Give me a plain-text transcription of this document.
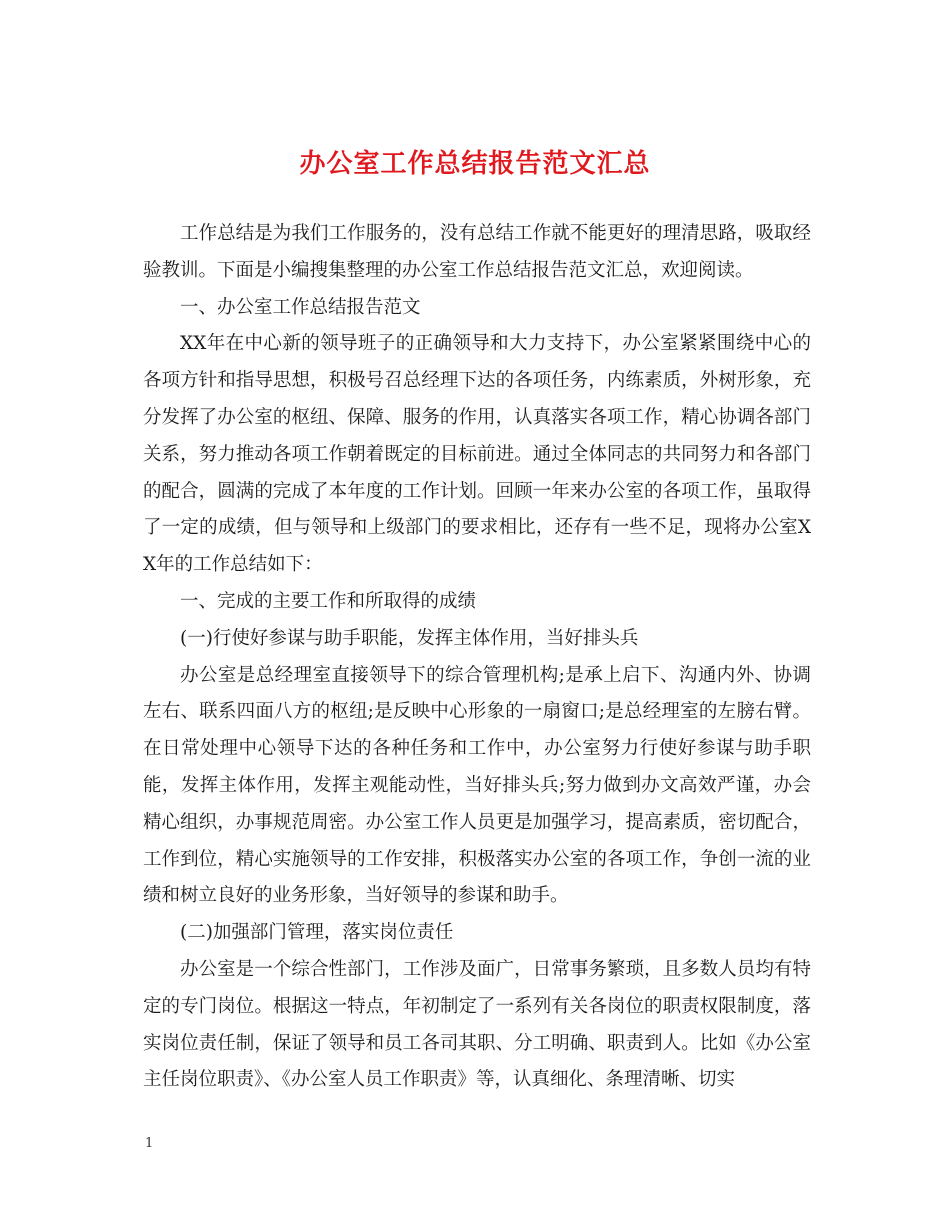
办公室工作总结报告范文汇总

工作总结是为我们工作服务的，没有总结工作就不能更好的理清思路，吸取经验教训。下面是小编搜集整理的办公室工作总结报告范文汇总，欢迎阅读。

一、办公室工作总结报告范文

XX年在中心新的领导班子的正确领导和大力支持下，办公室紧紧围绕中心的各项方针和指导思想，积极号召总经理下达的各项任务，内练素质，外树形象，充分发挥了办公室的枢纽、保障、服务的作用，认真落实各项工作，精心协调各部门关系，努力推动各项工作朝着既定的目标前进。通过全体同志的共同努力和各部门的配合，圆满的完成了本年度的工作计划。回顾一年来办公室的各项工作，虽取得了一定的成绩，但与领导和上级部门的要求相比，还存有一些不足，现将办公室XX年的工作总结如下：

一、完成的主要工作和所取得的成绩

(一)行使好参谋与助手职能，发挥主体作用，当好排头兵

办公室是总经理室直接领导下的综合管理机构;是承上启下、沟通内外、协调左右、联系四面八方的枢纽;是反映中心形象的一扇窗口;是总经理室的左膀右臂。在日常处理中心领导下达的各种任务和工作中，办公室努力行使好参谋与助手职能，发挥主体作用，发挥主观能动性，当好排头兵;努力做到办文高效严谨，办会精心组织，办事规范周密。办公室工作人员更是加强学习，提高素质，密切配合，工作到位，精心实施领导的工作安排，积极落实办公室的各项工作，争创一流的业绩和树立良好的业务形象，当好领导的参谋和助手。

(二)加强部门管理，落实岗位责任

办公室是一个综合性部门，工作涉及面广，日常事务繁琐，且多数人员均有特定的专门岗位。根据这一特点，年初制定了一系列有关各岗位的职责权限制度，落实岗位责任制，保证了领导和员工各司其职、分工明确、职责到人。比如《办公室主任岗位职责》、《办公室人员工作职责》等，认真细化、条理清晰、切实

1
